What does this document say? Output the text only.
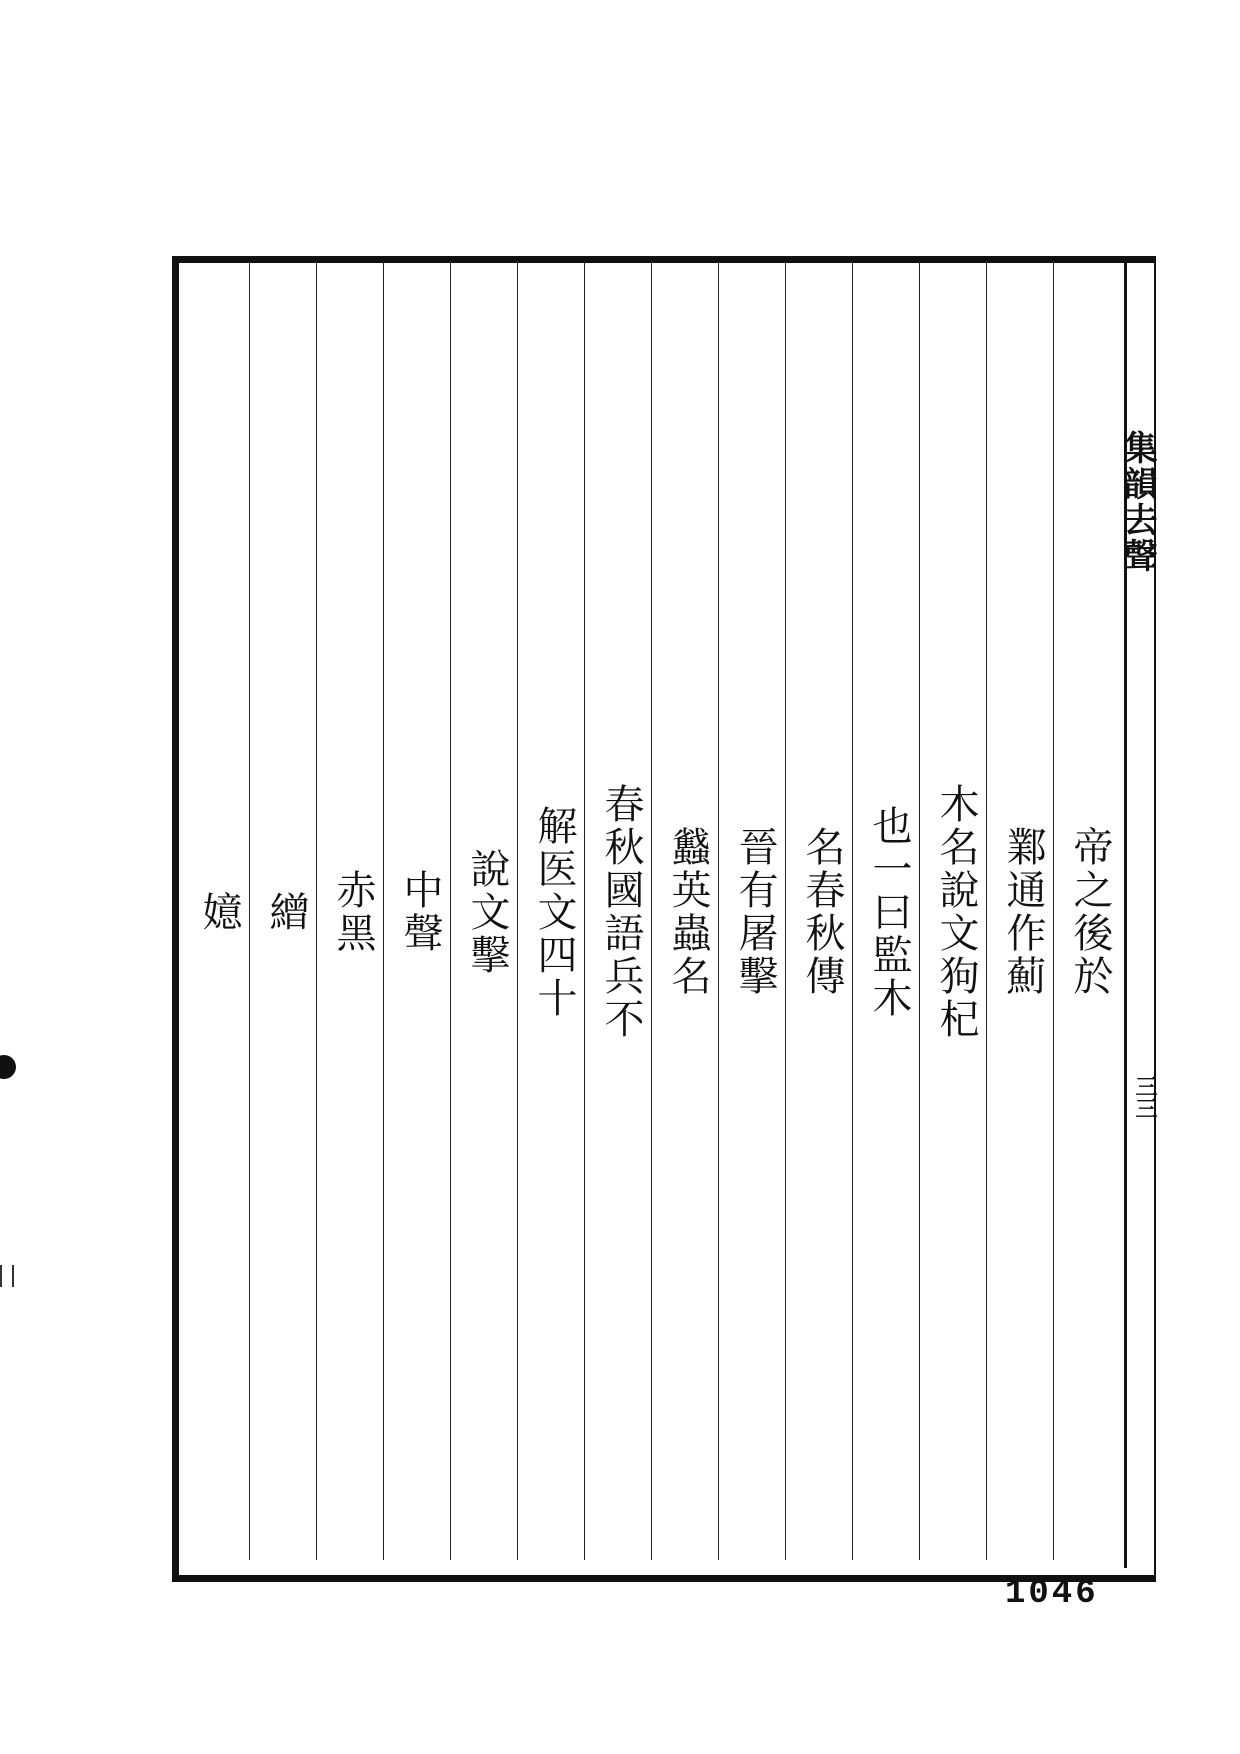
集韻去聲
三三
帝之後於
鄴通作薊
木名說文狗杞
也一曰監木
名春秋傳
晉有屠擊
蠽英蟲名
春秋國語兵不
解医文四十
說文擊
中聲
赤黑
繒
嬑
1046
